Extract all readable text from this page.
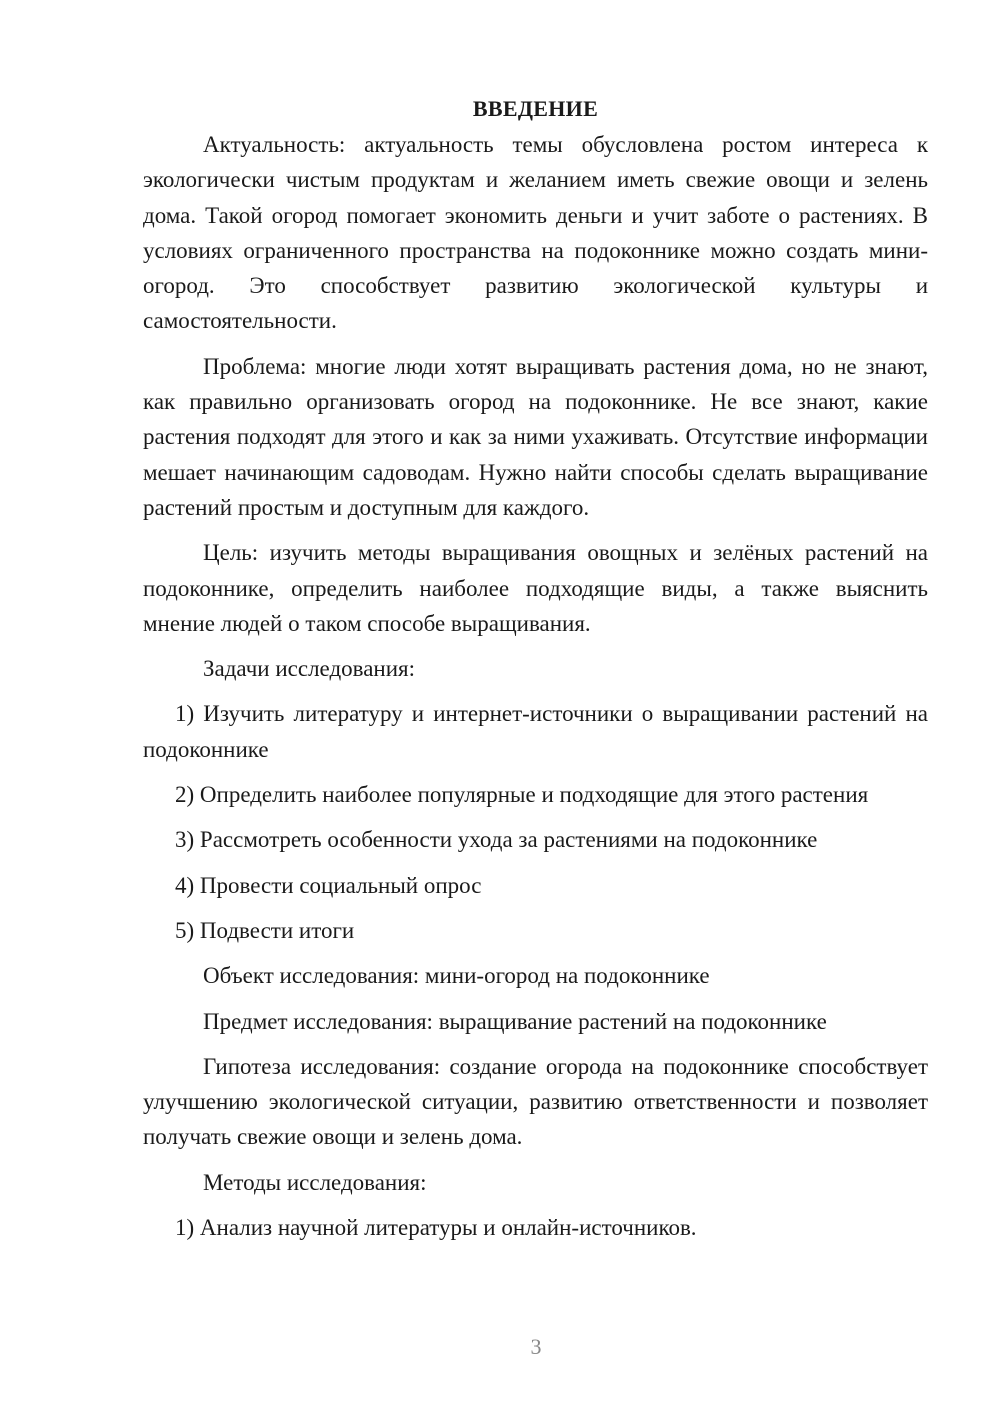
ВВЕДЕНИЕ

Актуальность: актуальность темы обусловлена ростом интереса к экологически чистым продуктам и желанием иметь свежие овощи и зелень дома. Такой огород помогает экономить деньги и учит заботе о растениях. В условиях ограниченного пространства на подоконнике можно создать мини-огород. Это способствует развитию экологической культуры и самостоятельности.

Проблема: многие люди хотят выращивать растения дома, но не знают, как правильно организовать огород на подоконнике. Не все знают, какие растения подходят для этого и как за ними ухаживать. Отсутствие информации мешает начинающим садоводам. Нужно найти способы сделать выращивание растений простым и доступным для каждого.

Цель: изучить методы выращивания овощных и зелёных растений на подоконнике, определить наиболее подходящие виды, а также выяснить мнение людей о таком способе выращивания.

Задачи исследования:

1) Изучить литературу и интернет-источники о выращивании растений на подоконнике

2) Определить наиболее популярные и подходящие для этого растения

3) Рассмотреть особенности ухода за растениями на подоконнике

4) Провести социальный опрос

5) Подвести итоги

Объект исследования: мини-огород на подоконнике

Предмет исследования: выращивание растений на подоконнике

Гипотеза исследования: создание огорода на подоконнике способствует улучшению экологической ситуации, развитию ответственности и позволяет получать свежие овощи и зелень дома.

Методы исследования:

1) Анализ научной литературы и онлайн-источников.

3
